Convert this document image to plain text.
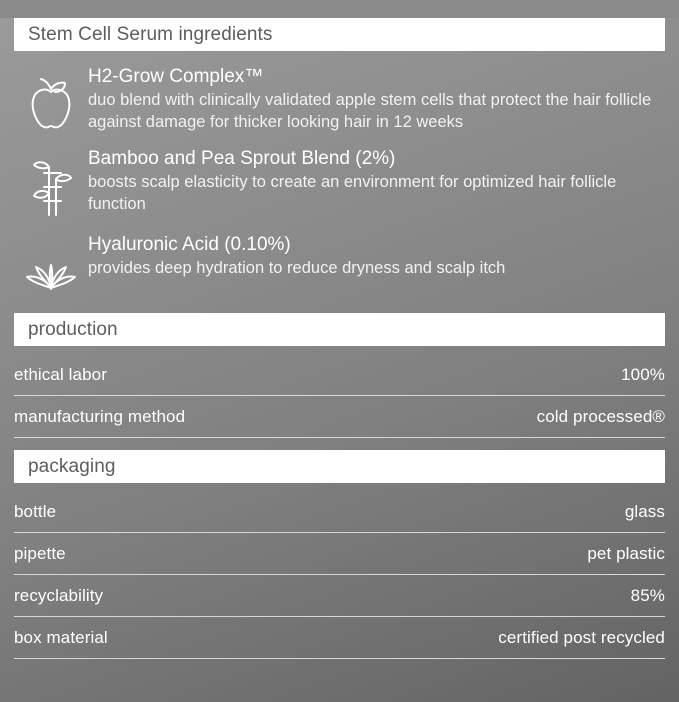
Stem Cell Serum ingredients
H2-Grow Complex™
duo blend with clinically validated apple stem cells that protect the hair follicle against damage for thicker looking hair in 12 weeks
Bamboo and Pea Sprout Blend (2%)
boosts scalp elasticity to create an environment for optimized hair follicle function
Hyaluronic Acid (0.10%)
provides deep hydration to reduce dryness and scalp itch
production
ethical labor	100%
manufacturing method	cold processed®
packaging
bottle	glass
pipette	pet plastic
recyclability	85%
box material	certified post recycled
